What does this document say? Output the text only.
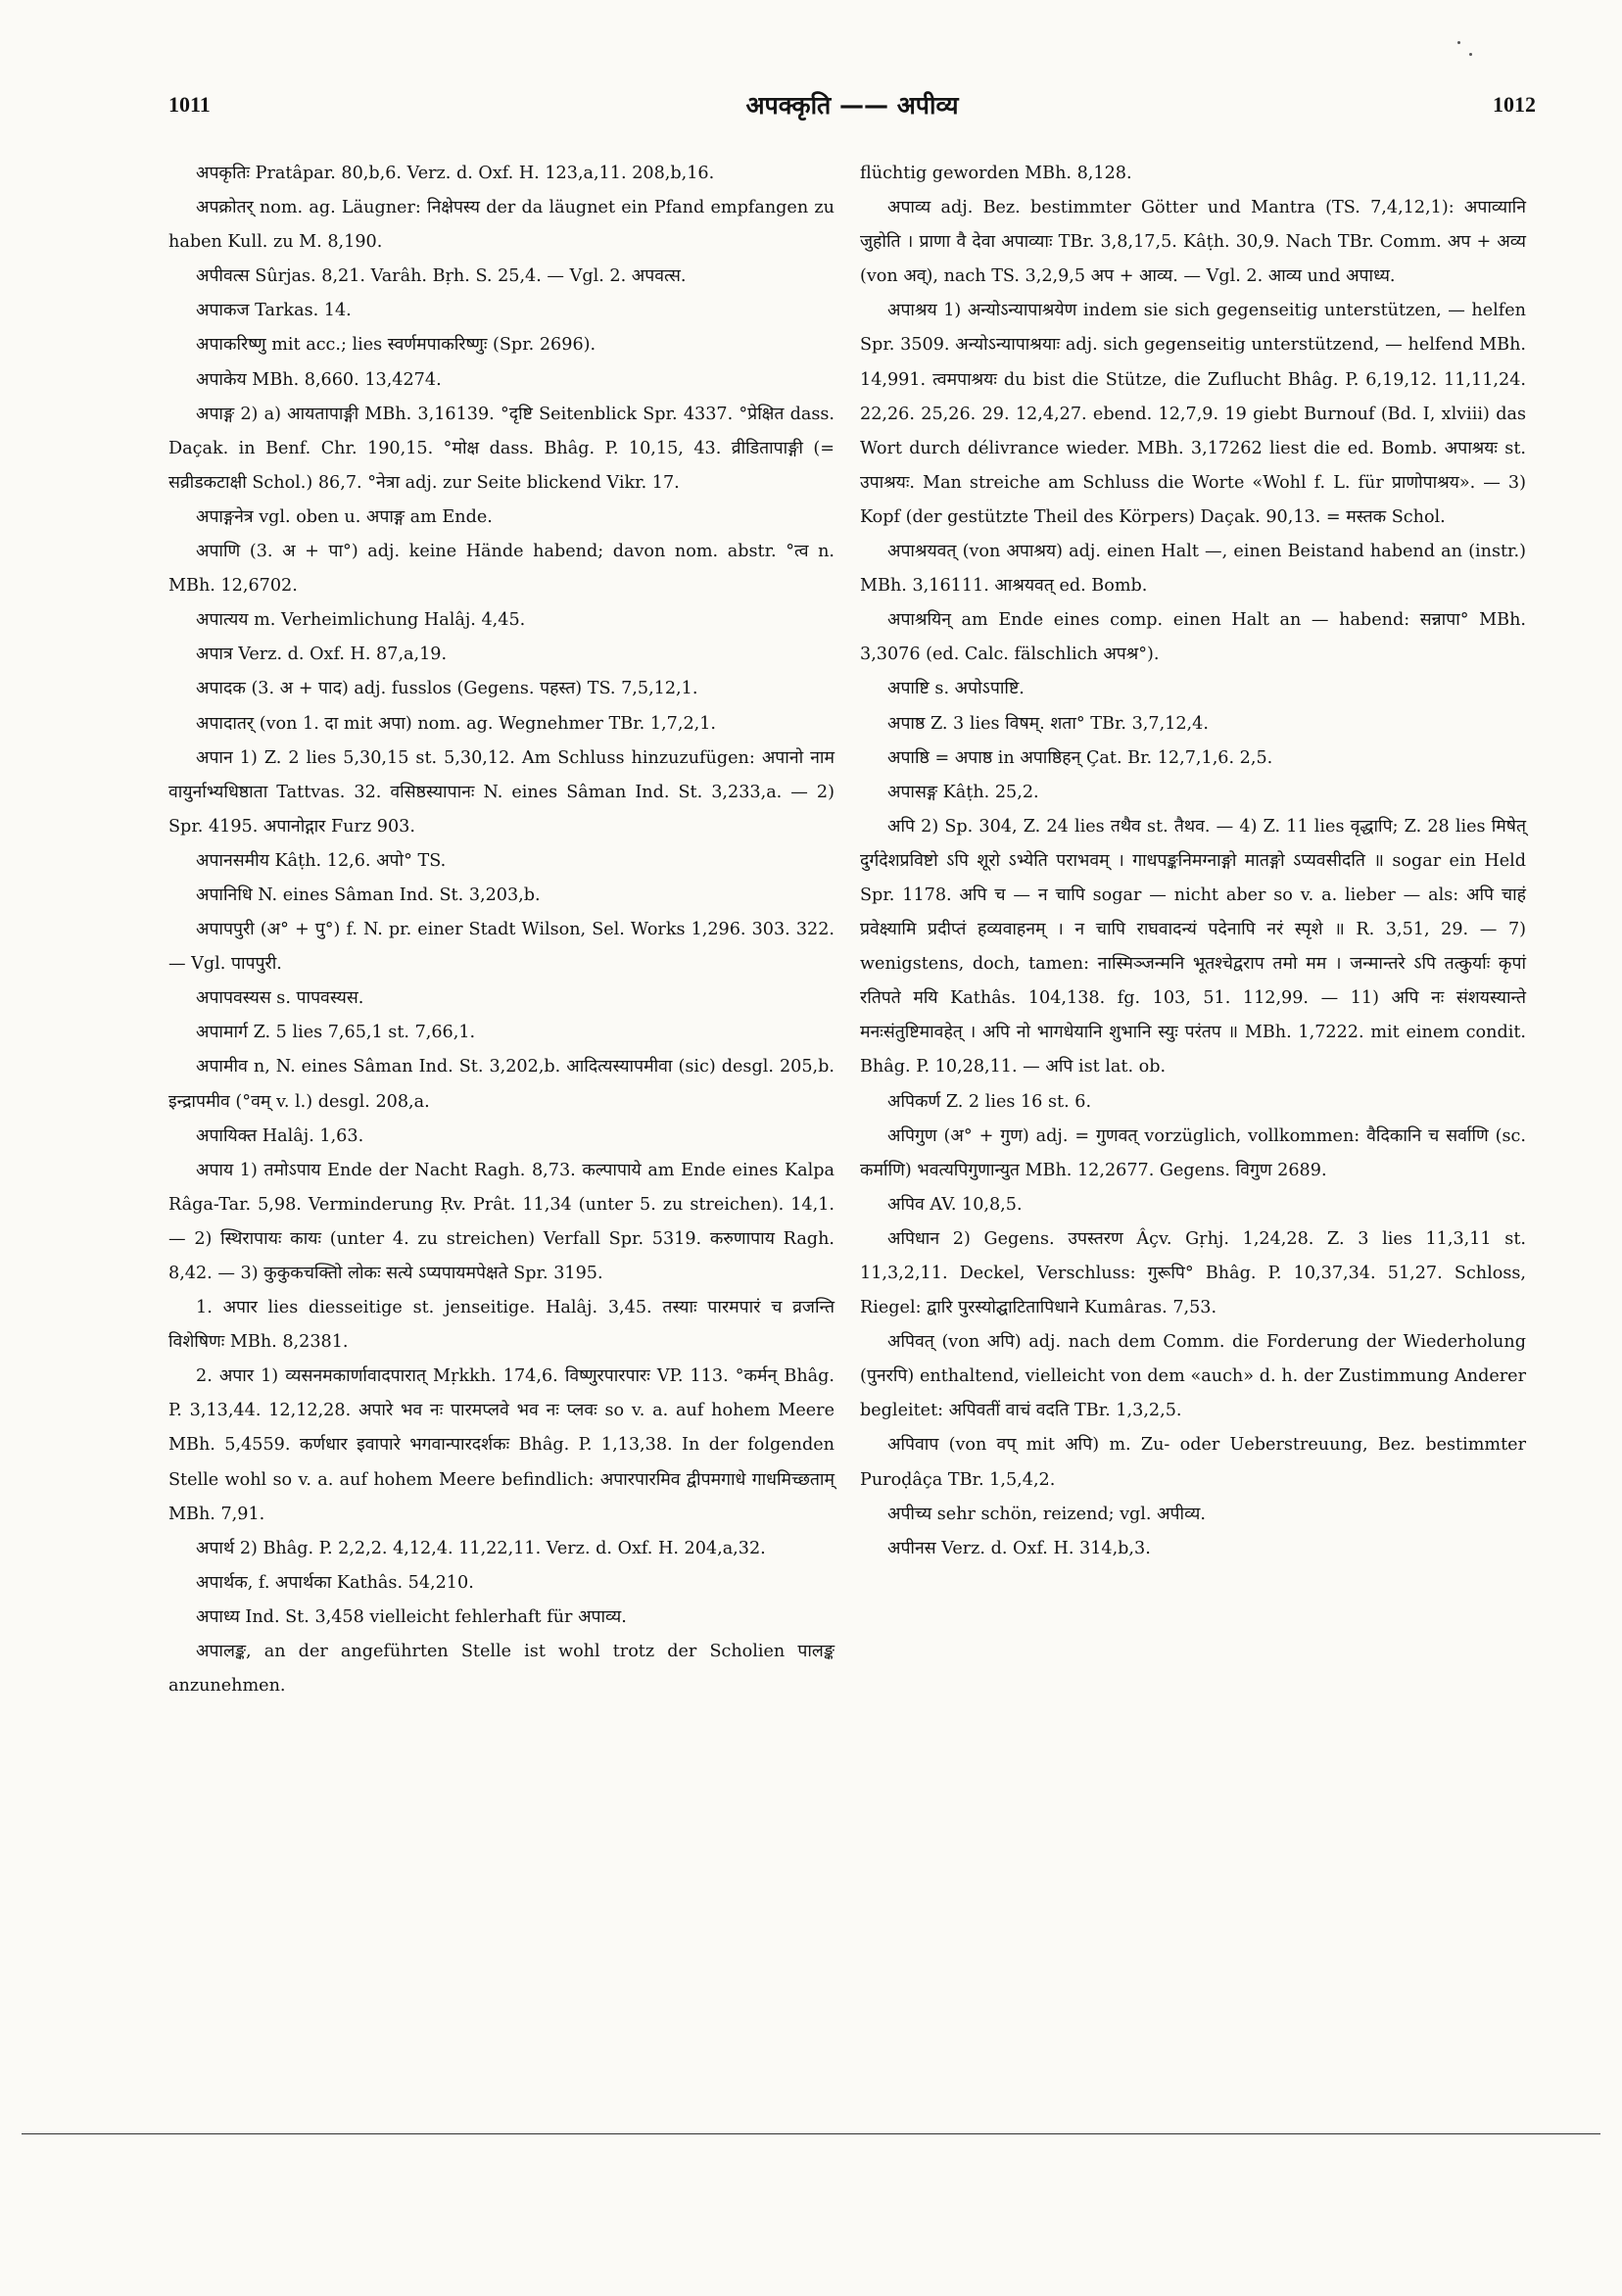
1011	अपक्कृति —— अपीव्य	1012

अपकृतिः Pratâpar. 80,b,6. Verz. d. Oxf. H. 123,a,11. 208,b,16.

अपक्रोतर् nom. ag. Läugner: निक्षेपस्य der da läugnet ein Pfand empfangen zu haben Kull. zu M. 8,190.

अपीवत्स Sûrjas. 8,21. Varâh. Bṛh. S. 25,4. — Vgl. 2. अपवत्स.

अपाकज Tarkas. 14.

अपाकरिष्णु mit acc.; lies स्वर्णमपाकरिष्णुः (Spr. 2696).

अपाकेय MBh. 8,660. 13,4274.

अपाङ्ग 2) a) आयतापाङ्गी MBh. 3,16139. °दृष्टि Seitenblick Spr. 4337. °प्रेक्षित dass. Daçak. in Benf. Chr. 190,15. °मोक्ष dass. Bhâg. P. 10,15, 43. व्रीडितापाङ्गी (= सव्रीडकटाक्षी Schol.) 86,7. °नेत्रा adj. zur Seite blickend Vikr. 17.

अपाङ्गनेत्र vgl. oben u. अपाङ्ग am Ende.

अपाणि (3. अ + पा°) adj. keine Hände habend; davon nom. abstr. °त्व n. MBh. 12,6702.

अपात्यय m. Verheimlichung Halâj. 4,45.

अपात्र Verz. d. Oxf. H. 87,a,19.

अपादक (3. अ + पाद) adj. fusslos (Gegens. पहस्त) TS. 7,5,12,1.

अपादातर् (von 1. दा mit अपा) nom. ag. Wegnehmer TBr. 1,7,2,1.

अपान 1) Z. 2 lies 5,30,15 st. 5,30,12. Am Schluss hinzuzufügen: अपानो नाम वायुर्नाभ्यधिष्ठाता Tattvas. 32. वसिष्ठस्यापानः N. eines Sâman Ind. St. 3,233,a. — 2) Spr. 4195. अपानोद्गार Furz 903.

अपानसमीय Kâṭh. 12,6. अपो° TS.

अपानिधि N. eines Sâman Ind. St. 3,203,b.

अपापपुरी (अ° + पु°) f. N. pr. einer Stadt Wilson, Sel. Works 1,296. 303. 322. — Vgl. पापपुरी.

अपापवस्यस s. पापवस्यस.

अपामार्ग Z. 5 lies 7,65,1 st. 7,66,1.

अपामीव n, N. eines Sâman Ind. St. 3,202,b. आदित्यस्यापमीवा (sic) desgl. 205,b. इन्द्रापमीव (°वम् v. l.) desgl. 208,a.

अपायिक्त Halâj. 1,63.

अपाय 1) तमोऽपाय Ende der Nacht Ragh. 8,73. कल्पापाये am Ende eines Kalpa Râga-Tar. 5,98. Verminderung Ṛv. Prât. 11,34 (unter 5. zu streichen). 14,1. — 2) स्थिरापायः कायः (unter 4. zu streichen) Verfall Spr. 5319. करुणापाय Ragh. 8,42. — 3) कुकुकचक्तिो लोकः सत्ये ऽप्यपायमपेक्षते Spr. 3195.

1. अपार lies diesseitige st. jenseitige. Halâj. 3,45. तस्याः पारमपारं च व्रजन्ति विशेषिणः MBh. 8,2381.

2. अपार 1) व्यसनमकार्णावादपारात् Mṛkkh. 174,6. विष्णुरपारपारः VP. 113. °कर्मन् Bhâg. P. 3,13,44. 12,12,28. अपारे भव नः पारमप्लवे भव नः प्लवः so v. a. auf hohem Meere MBh. 5,4559. कर्णधार इवापारे भगवान्पारदर्शकः Bhâg. P. 1,13,38. In der folgenden Stelle wohl so v. a. auf hohem Meere befindlich: अपारपारमिव द्वीपमगाधे गाधमिच्छताम् MBh. 7,91.

अपार्थ 2) Bhâg. P. 2,2,2. 4,12,4. 11,22,11. Verz. d. Oxf. H. 204,a,32.

अपार्थक, f. अपार्थका Kathâs. 54,210.

अपाध्य Ind. St. 3,458 vielleicht fehlerhaft für अपाव्य.

अपालङ्क, an der angeführten Stelle ist wohl trotz der Scholien पालङ्क anzunehmen.

flüchtig geworden MBh. 8,128.

अपाव्य adj. Bez. bestimmter Götter und Mantra (TS. 7,4,12,1): अपाव्यानि जुहोति । प्राणा वै देवा अपाव्याः TBr. 3,8,17,5. Kâṭh. 30,9. Nach TBr. Comm. अप + अव्य (von अव्), nach TS. 3,2,9,5 अप + आव्य. — Vgl. 2. आव्य und अपाध्य.

अपाश्रय 1) अन्योऽन्यापाश्रयेण indem sie sich gegenseitig unterstützen, — helfen Spr. 3509. अन्योऽन्यापाश्रयाः adj. sich gegenseitig unterstützend, — helfend MBh. 14,991. त्वमपाश्रयः du bist die Stütze, die Zuflucht Bhâg. P. 6,19,12. 11,11,24. 22,26. 25,26. 29. 12,4,27. ebend. 12,7,9. 19 giebt Burnouf (Bd. I, xlviii) das Wort durch délivrance wieder. MBh. 3,17262 liest die ed. Bomb. अपाश्रयः st. उपाश्रयः. Man streiche am Schluss die Worte «Wohl f. L. für प्राणोपाश्रय». — 3) Kopf (der gestützte Theil des Körpers) Daçak. 90,13. = मस्तक Schol.

अपाश्रयवत् (von अपाश्रय) adj. einen Halt —, einen Beistand habend an (instr.) MBh. 3,16111. आश्रयवत् ed. Bomb.

अपाश्रयिन् am Ende eines comp. einen Halt an — habend: सन्नापा° MBh. 3,3076 (ed. Calc. fälschlich अपश्र°).

अपाष्टि s. अपोऽपाष्टि.

अपाष्ठ Z. 3 lies विषम्. शता° TBr. 3,7,12,4.

अपाष्ठि = अपाष्ठ in अपाष्ठिहन् Çat. Br. 12,7,1,6. 2,5.

अपासङ्ग Kâṭh. 25,2.

अपि 2) Sp. 304, Z. 24 lies तथैव st. तैथव. — 4) Z. 11 lies वृद्धापि; Z. 28 lies मिषेत् दुर्गदेशप्रविष्टो ऽपि शूरो ऽभ्येति पराभवम् । गाधपङ्कनिमग्नाङ्गो मातङ्गो ऽप्यवसीदति ॥ sogar ein Held Spr. 1178. अपि च — न चापि sogar — nicht aber so v. a. lieber — als: अपि चाहं प्रवेक्ष्यामि प्रदीप्तं हव्यवाहनम् । न चापि राघवादन्यं पदेनापि नरं स्पृशे ॥ R. 3,51, 29. — 7) wenigstens, doch, tamen: नास्मिञ्जन्मनि भूतश्चेद्वराप तमो मम । जन्मान्तरे ऽपि तत्कुर्याः कृपां रतिपते मयि Kathâs. 104,138. fg. 103, 51. 112,99. — 11) अपि नः संशयस्यान्ते मनःसंतुष्टिमावहेत् । अपि नो भागधेयानि शुभानि स्युः परंतप ॥ MBh. 1,7222. mit einem condit. Bhâg. P. 10,28,11. — अपि ist lat. ob.

अपिकर्ण Z. 2 lies 16 st. 6.

अपिगुण (अ° + गुण) adj. = गुणवत् vorzüglich, vollkommen: वैदिकानि च सर्वाणि (sc. कर्माणि) भवत्यपिगुणान्युत MBh. 12,2677. Gegens. विगुण 2689.

अपिव AV. 10,8,5.

अपिधान 2) Gegens. उपस्तरण Âçv. Gṛhj. 1,24,28. Z. 3 lies 11,3,11 st. 11,3,2,11. Deckel, Verschluss: गुरूपि° Bhâg. P. 10,37,34. 51,27. Schloss, Riegel: द्वारि पुरस्योद्घाटितापिधाने Kumâras. 7,53.

अपिवत् (von अपि) adj. nach dem Comm. die Forderung der Wiederholung (पुनरपि) enthaltend, vielleicht von dem «auch» d. h. der Zustimmung Anderer begleitet: अपिवतीं वाचं वदति TBr. 1,3,2,5.

अपिवाप (von वप् mit अपि) m. Zu- oder Ueberstreuung, Bez. bestimmter Puroḍâça TBr. 1,5,4,2.

अपीच्य sehr schön, reizend; vgl. अपीव्य.

अपीनस Verz. d. Oxf. H. 314,b,3.
